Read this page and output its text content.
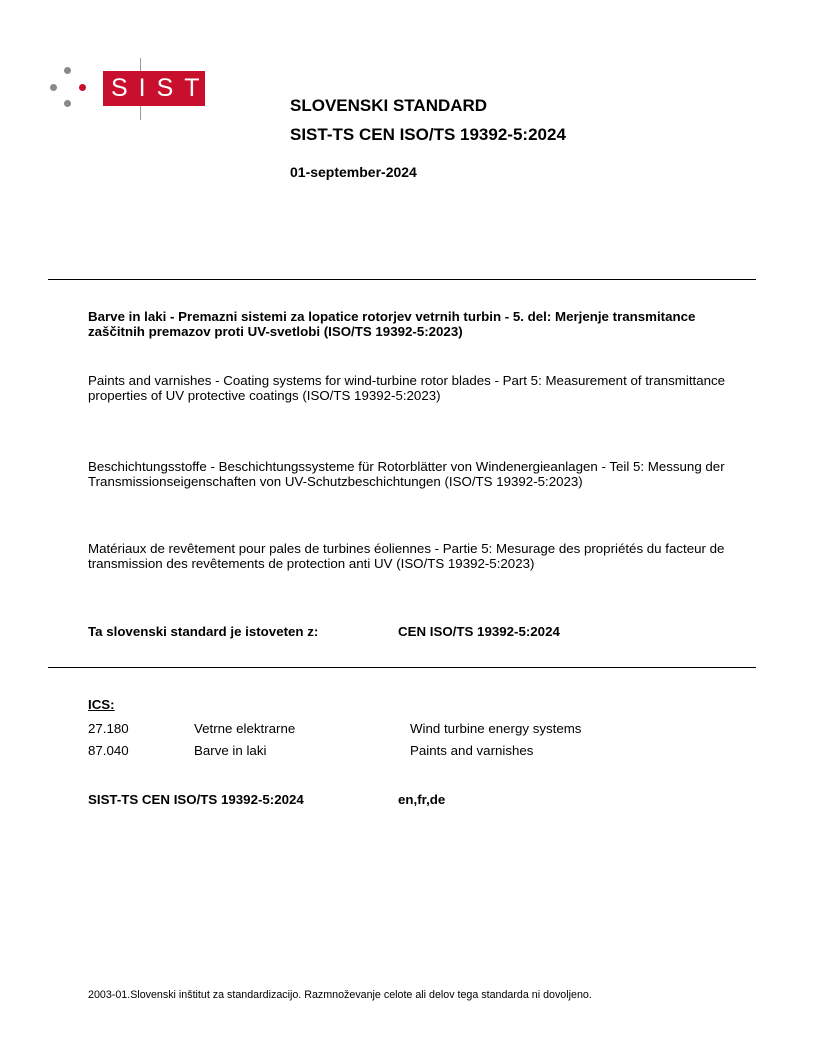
SIST
SLOVENSKI STANDARD
SIST-TS CEN ISO/TS 19392-5:2024
01-september-2024
Barve in laki - Premazni sistemi za lopatice rotorjev vetrnih turbin - 5. del: Merjenje transmitance zaščitnih premazov proti UV-svetlobi (ISO/TS 19392-5:2023)
Paints and varnishes - Coating systems for wind-turbine rotor blades - Part 5: Measurement of transmittance properties of UV protective coatings (ISO/TS 19392-5:2023)
Beschichtungsstoffe - Beschichtungssysteme für Rotorblätter von Windenergieanlagen - Teil 5: Messung der Transmissionseigenschaften von UV-Schutzbeschichtungen (ISO/TS 19392-5:2023)
Matériaux de revêtement pour pales de turbines éoliennes - Partie 5: Mesurage des propriétés du facteur de transmission des revêtements de protection anti UV (ISO/TS 19392-5:2023)
Ta slovenski standard je istoveten z:	CEN ISO/TS 19392-5:2024
ICS:
27.180	Vetrne elektrarne	Wind turbine energy systems
87.040	Barve in laki	Paints and varnishes
SIST-TS CEN ISO/TS 19392-5:2024	en,fr,de
2003-01.Slovenski inštitut za standardizacijo. Razmnoževanje celote ali delov tega standarda ni dovoljeno.
